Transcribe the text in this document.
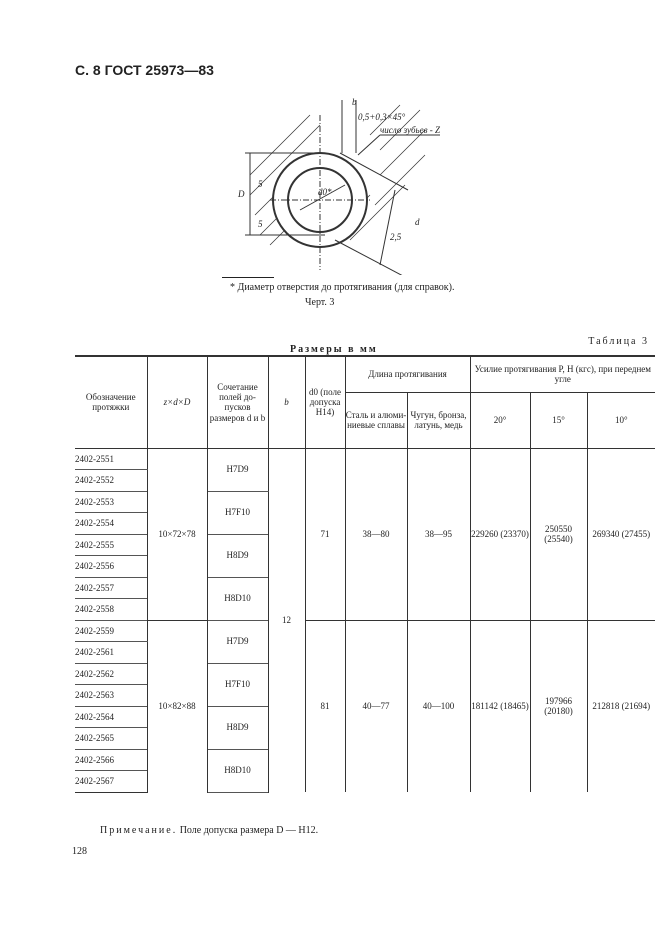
С. 8 ГОСТ 25973—83
b
0,5+0,3×45°
число зубьев - Z
D
d
d0*
5
5
2,5
* Диаметр отверстия до протягивания (для справок).
Черт. 3
Таблица 3
Размеры в мм
Обозначение протяжки	z×d×D	Сочетание полей до-пусков размеров d и b	b	d0 (поле допуска H14)	Длина протягивания		Усилие протягивания P, Н (кгс), при переднем угле		
					Сталь и алюми-ниевые сплавы	Чугун, бронза, латунь, медь	20°	15°	10°
2402-2551	10×72×78	H7D9	12	71	38—80	38—95	229260 (23370)	250550 (25540)	269340 (27455)
2402-2552									
2402-2553		H7F10							
2402-2554									
2402-2555		H8D9							
2402-2556									
2402-2557		H8D10							
2402-2558									
2402-2559	10×82×88	H7D9		81	40—77	40—100	181142 (18465)	197966 (20180)	212818 (21694)
2402-2561									
2402-2562		H7F10							
2402-2563									
2402-2564		H8D9							
2402-2565									
2402-2566		H8D10							
2402-2567									
Примечание. Поле допуска размера D — H12.
128
